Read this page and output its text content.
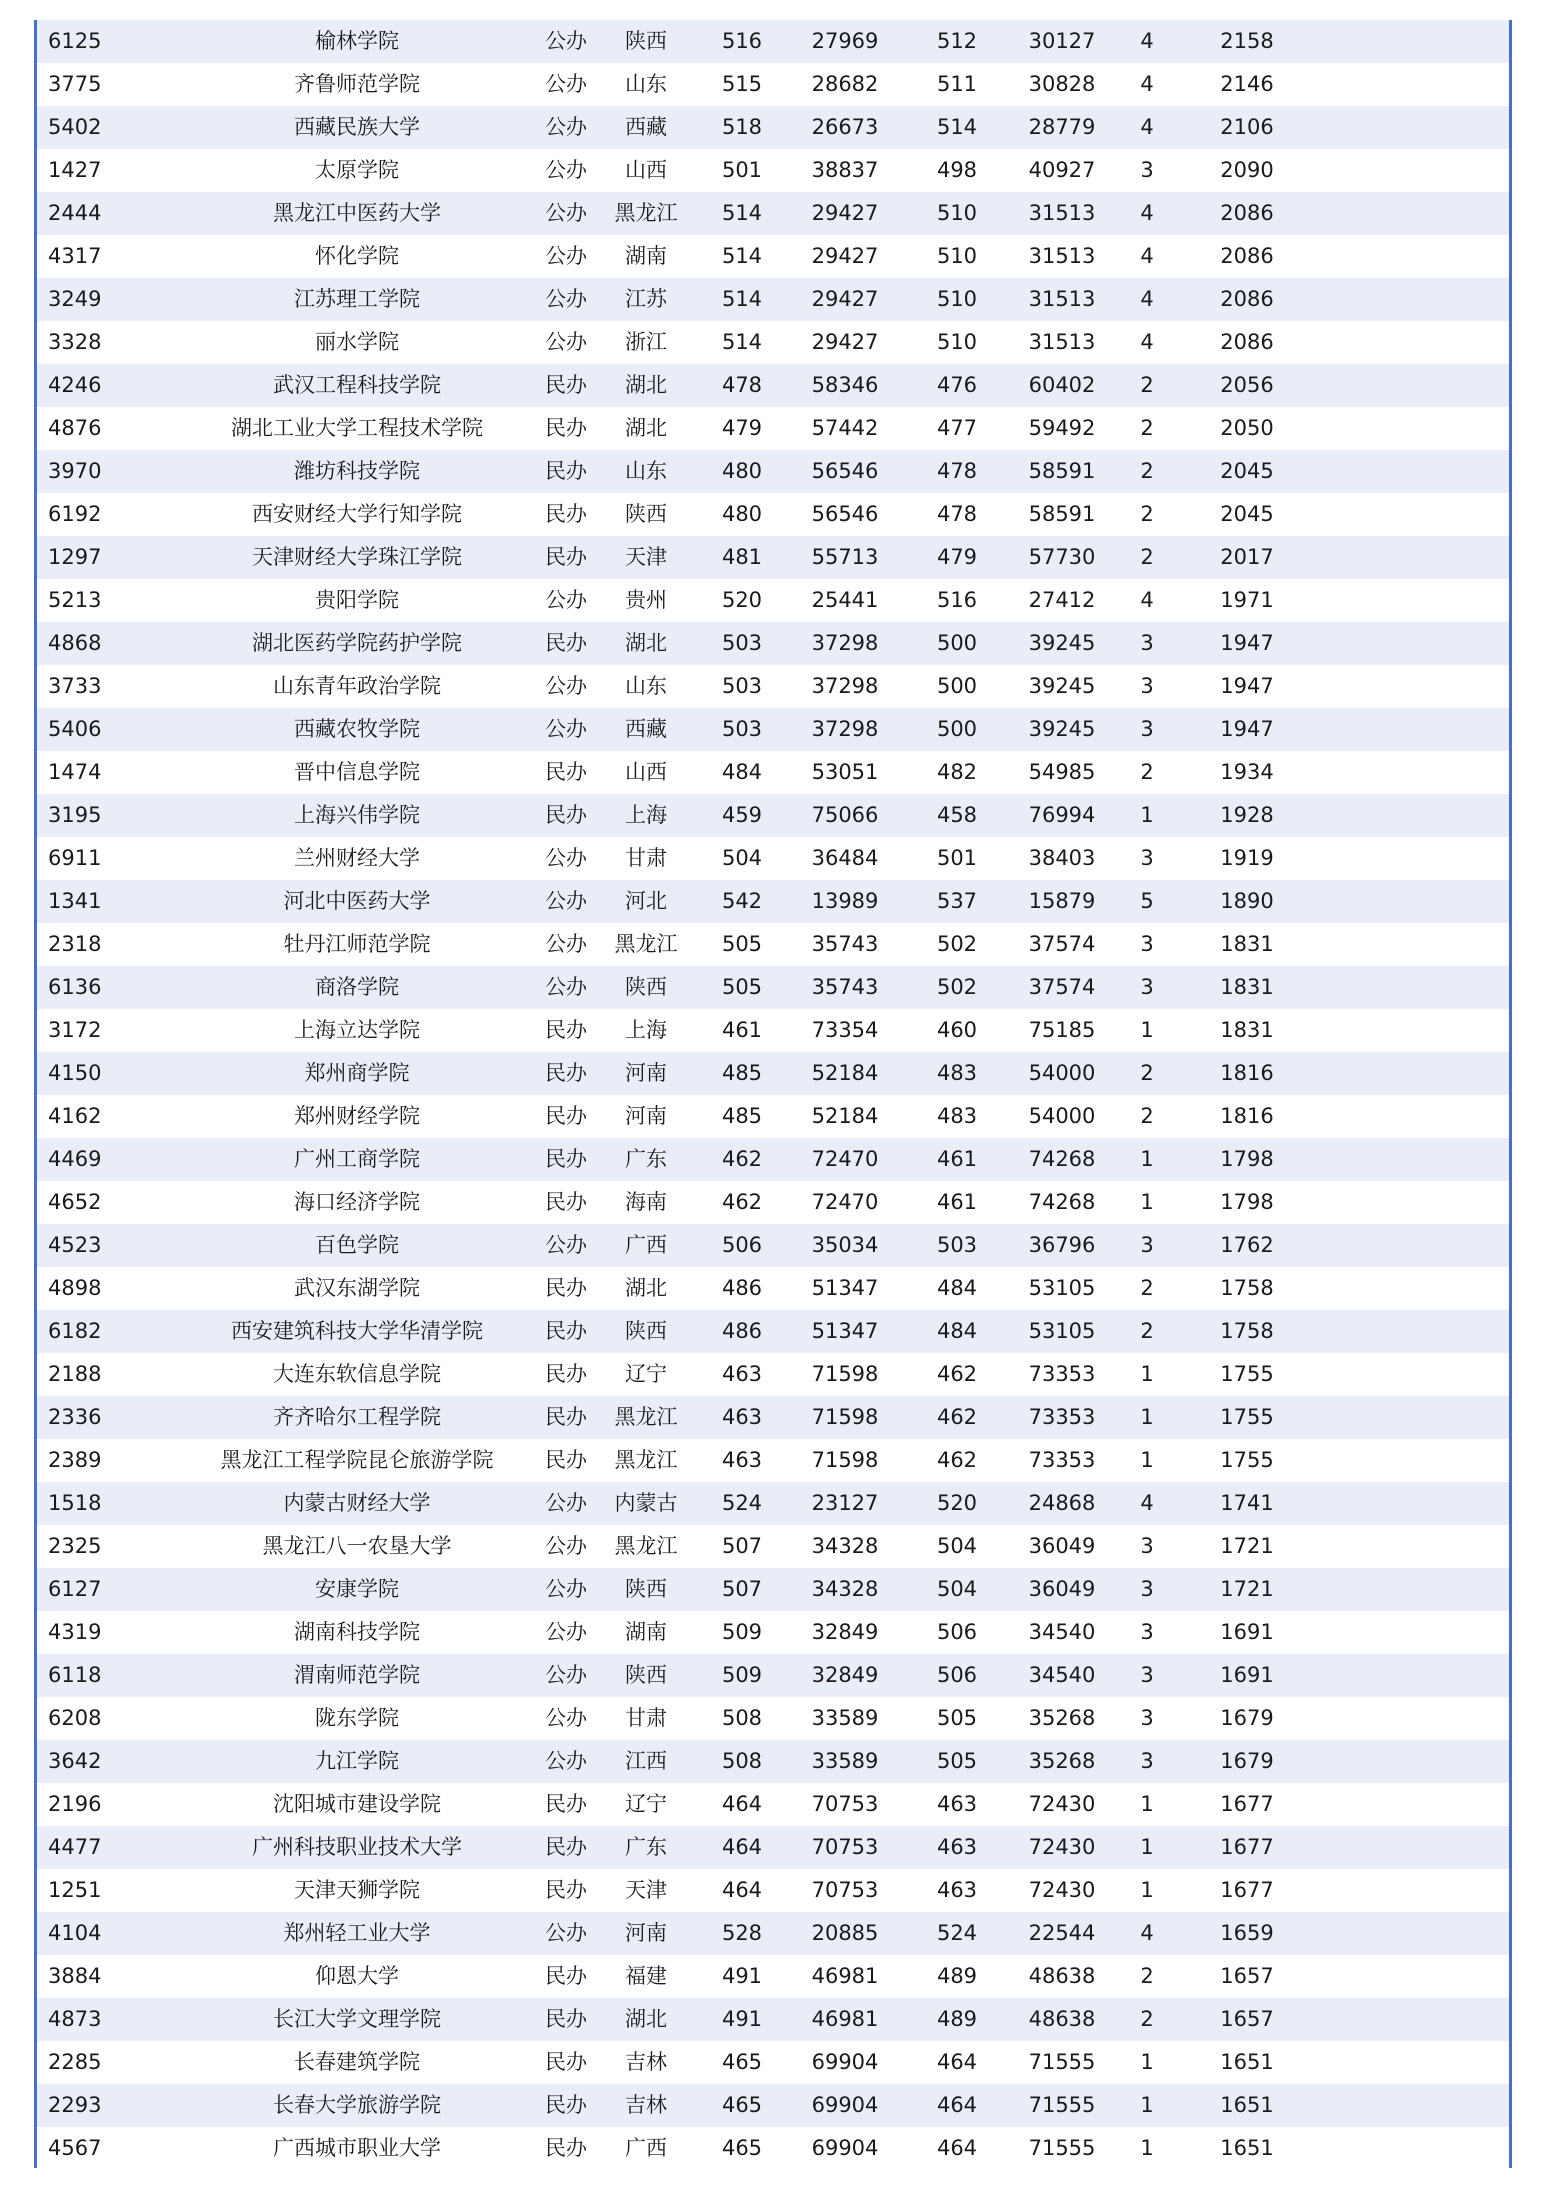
6125	榆林学院	公办	陕西	516	27969	512	30127	4	2158
3775	齐鲁师范学院	公办	山东	515	28682	511	30828	4	2146
5402	西藏民族大学	公办	西藏	518	26673	514	28779	4	2106
1427	太原学院	公办	山西	501	38837	498	40927	3	2090
2444	黑龙江中医药大学	公办	黑龙江	514	29427	510	31513	4	2086
4317	怀化学院	公办	湖南	514	29427	510	31513	4	2086
3249	江苏理工学院	公办	江苏	514	29427	510	31513	4	2086
3328	丽水学院	公办	浙江	514	29427	510	31513	4	2086
4246	武汉工程科技学院	民办	湖北	478	58346	476	60402	2	2056
4876	湖北工业大学工程技术学院	民办	湖北	479	57442	477	59492	2	2050
3970	潍坊科技学院	民办	山东	480	56546	478	58591	2	2045
6192	西安财经大学行知学院	民办	陕西	480	56546	478	58591	2	2045
1297	天津财经大学珠江学院	民办	天津	481	55713	479	57730	2	2017
5213	贵阳学院	公办	贵州	520	25441	516	27412	4	1971
4868	湖北医药学院药护学院	民办	湖北	503	37298	500	39245	3	1947
3733	山东青年政治学院	公办	山东	503	37298	500	39245	3	1947
5406	西藏农牧学院	公办	西藏	503	37298	500	39245	3	1947
1474	晋中信息学院	民办	山西	484	53051	482	54985	2	1934
3195	上海兴伟学院	民办	上海	459	75066	458	76994	1	1928
6911	兰州财经大学	公办	甘肃	504	36484	501	38403	3	1919
1341	河北中医药大学	公办	河北	542	13989	537	15879	5	1890
2318	牡丹江师范学院	公办	黑龙江	505	35743	502	37574	3	1831
6136	商洛学院	公办	陕西	505	35743	502	37574	3	1831
3172	上海立达学院	民办	上海	461	73354	460	75185	1	1831
4150	郑州商学院	民办	河南	485	52184	483	54000	2	1816
4162	郑州财经学院	民办	河南	485	52184	483	54000	2	1816
4469	广州工商学院	民办	广东	462	72470	461	74268	1	1798
4652	海口经济学院	民办	海南	462	72470	461	74268	1	1798
4523	百色学院	公办	广西	506	35034	503	36796	3	1762
4898	武汉东湖学院	民办	湖北	486	51347	484	53105	2	1758
6182	西安建筑科技大学华清学院	民办	陕西	486	51347	484	53105	2	1758
2188	大连东软信息学院	民办	辽宁	463	71598	462	73353	1	1755
2336	齐齐哈尔工程学院	民办	黑龙江	463	71598	462	73353	1	1755
2389	黑龙江工程学院昆仑旅游学院	民办	黑龙江	463	71598	462	73353	1	1755
1518	内蒙古财经大学	公办	内蒙古	524	23127	520	24868	4	1741
2325	黑龙江八一农垦大学	公办	黑龙江	507	34328	504	36049	3	1721
6127	安康学院	公办	陕西	507	34328	504	36049	3	1721
4319	湖南科技学院	公办	湖南	509	32849	506	34540	3	1691
6118	渭南师范学院	公办	陕西	509	32849	506	34540	3	1691
6208	陇东学院	公办	甘肃	508	33589	505	35268	3	1679
3642	九江学院	公办	江西	508	33589	505	35268	3	1679
2196	沈阳城市建设学院	民办	辽宁	464	70753	463	72430	1	1677
4477	广州科技职业技术大学	民办	广东	464	70753	463	72430	1	1677
1251	天津天狮学院	民办	天津	464	70753	463	72430	1	1677
4104	郑州轻工业大学	公办	河南	528	20885	524	22544	4	1659
3884	仰恩大学	民办	福建	491	46981	489	48638	2	1657
4873	长江大学文理学院	民办	湖北	491	46981	489	48638	2	1657
2285	长春建筑学院	民办	吉林	465	69904	464	71555	1	1651
2293	长春大学旅游学院	民办	吉林	465	69904	464	71555	1	1651
4567	广西城市职业大学	民办	广西	465	69904	464	71555	1	1651
